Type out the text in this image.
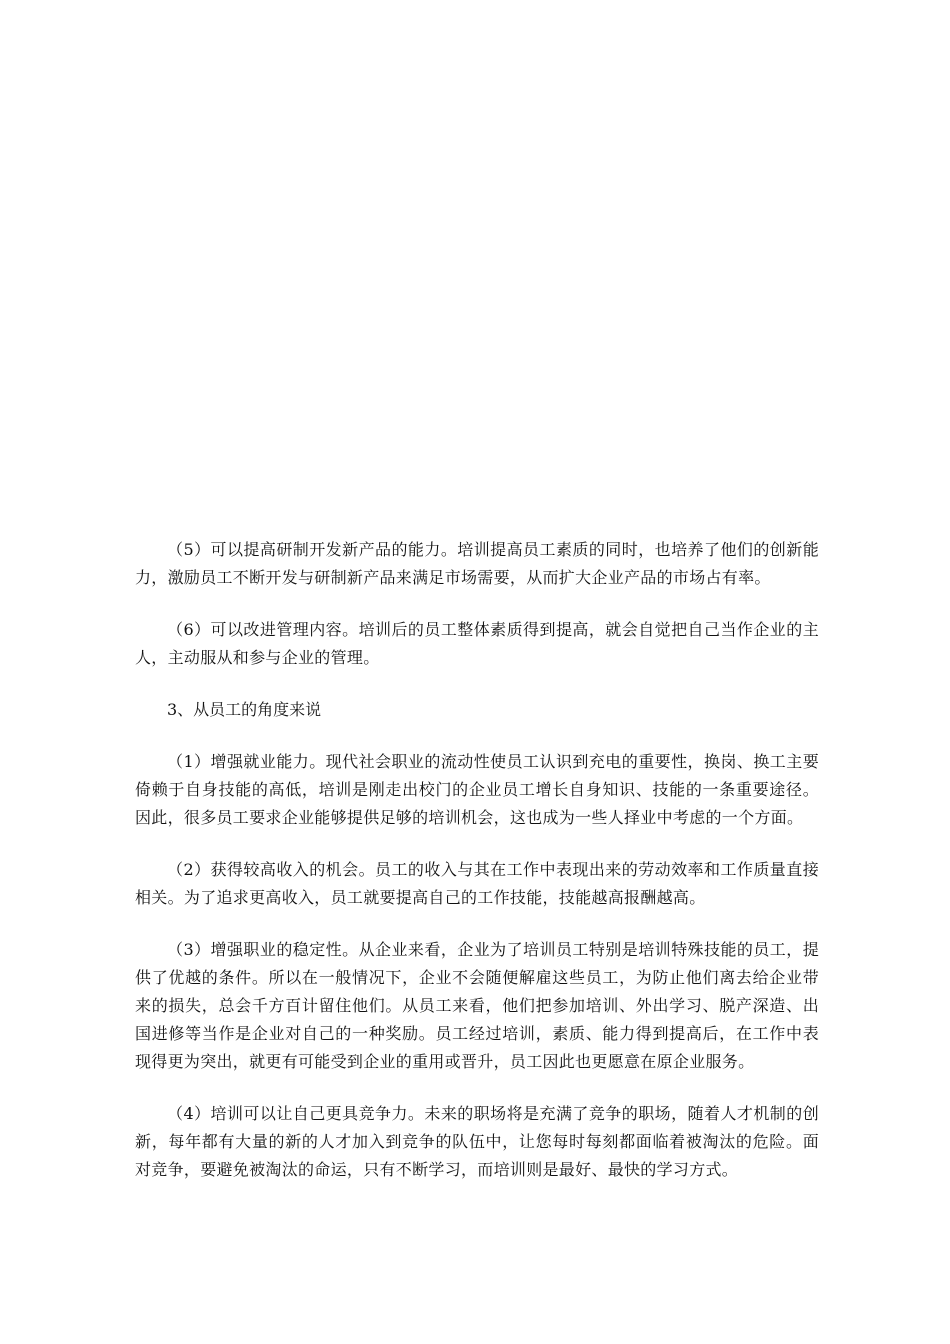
（5）可以提高研制开发新产品的能力。培训提高员工素质的同时，也培养了他们的创新能力，激励员工不断开发与研制新产品来满足市场需要，从而扩大企业产品的市场占有率。

（6）可以改进管理内容。培训后的员工整体素质得到提高，就会自觉把自己当作企业的主人，主动服从和参与企业的管理。

3、从员工的角度来说

（1）增强就业能力。现代社会职业的流动性使员工认识到充电的重要性，换岗、换工主要倚赖于自身技能的高低，培训是刚走出校门的企业员工增长自身知识、技能的一条重要途径。因此，很多员工要求企业能够提供足够的培训机会，这也成为一些人择业中考虑的一个方面。

（2）获得较高收入的机会。员工的收入与其在工作中表现出来的劳动效率和工作质量直接相关。为了追求更高收入，员工就要提高自己的工作技能，技能越高报酬越高。

（3）增强职业的稳定性。从企业来看，企业为了培训员工特别是培训特殊技能的员工，提供了优越的条件。所以在一般情况下，企业不会随便解雇这些员工，为防止他们离去给企业带来的损失，总会千方百计留住他们。从员工来看，他们把参加培训、外出学习、脱产深造、出国进修等当作是企业对自己的一种奖励。员工经过培训，素质、能力得到提高后，在工作中表现得更为突出，就更有可能受到企业的重用或晋升，员工因此也更愿意在原企业服务。

（4）培训可以让自己更具竞争力。未来的职场将是充满了竞争的职场，随着人才机制的创新，每年都有大量的新的人才加入到竞争的队伍中，让您每时每刻都面临着被淘汰的危险。面对竞争，要避免被淘汰的命运，只有不断学习，而培训则是最好、最快的学习方式。
